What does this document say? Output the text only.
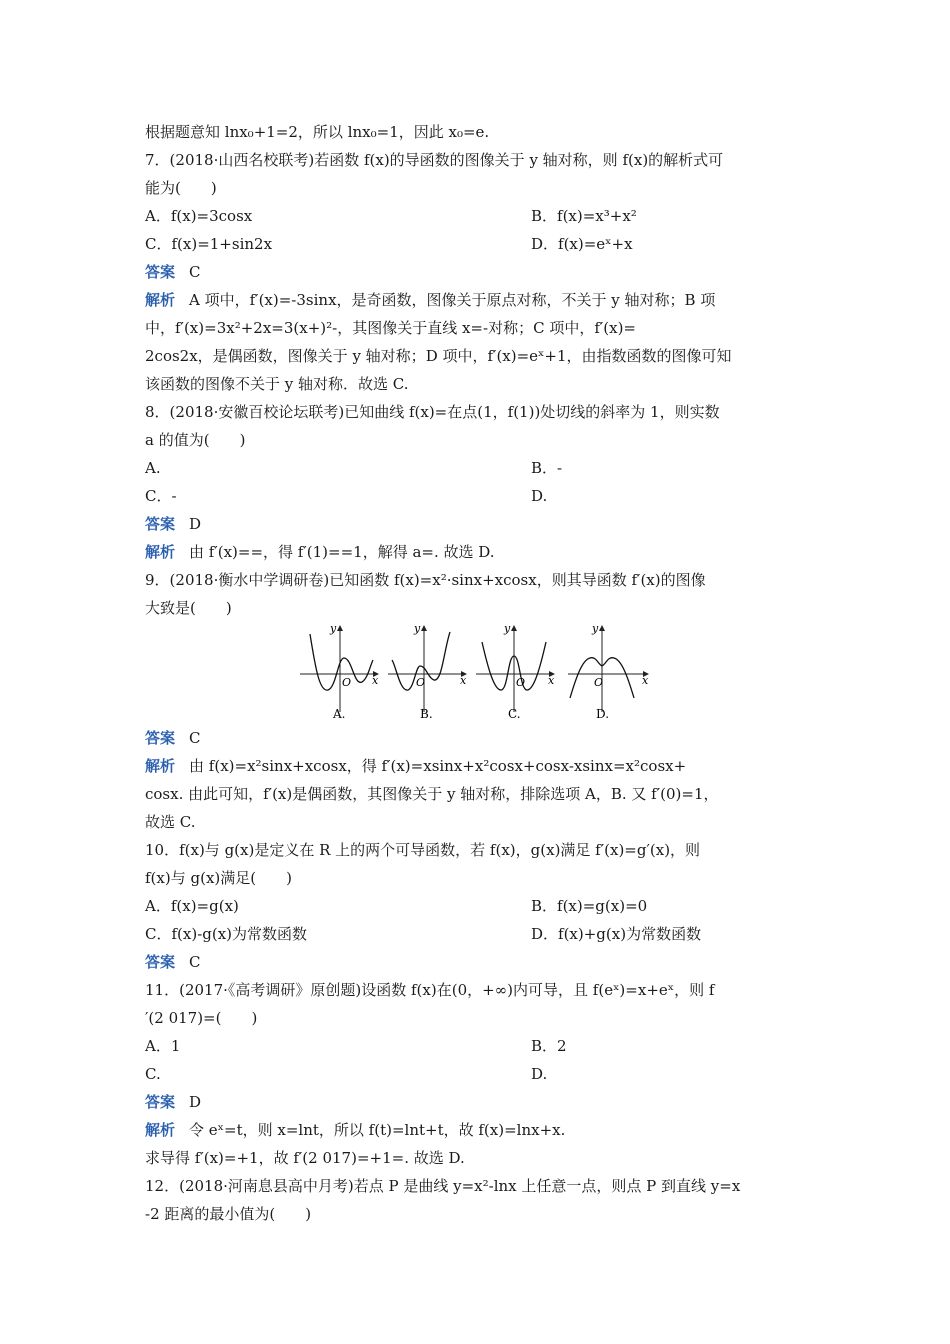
根据题意知 lnx₀+1=2，所以 lnx₀=1，因此 x₀=e.
7．(2018·山西名校联考)若函数 f(x)的导函数的图像关于 y 轴对称，则 f(x)的解析式可
能为(　　)
A．f(x)=3cosx	B．f(x)=x³+x²
C．f(x)=1+sin2x	D．f(x)=eˣ+x
答案 C
解析 A 项中，f′(x)=-3sinx，是奇函数，图像关于原点对称，不关于 y 轴对称；B 项
中，f′(x)=3x²+2x=3(x+)²-，其图像关于直线 x=-对称；C 项中，f′(x)=
2cos2x，是偶函数，图像关于 y 轴对称；D 项中，f′(x)=eˣ+1，由指数函数的图像可知
该函数的图像不关于 y 轴对称．故选 C.
8．(2018·安徽百校论坛联考)已知曲线 f(x)=在点(1，f(1))处切线的斜率为 1，则实数
a 的值为(　　)
A.	B．-
C．-	D.
答案 D
解析 由 f′(x)==，得 f′(1)==1，解得 a=. 故选 D.
9．(2018·衡水中学调研卷)已知函数 f(x)=x²·sinx+xcosx，则其导函数 f′(x)的图像
大致是(　　)
y
x
O
y
x
O
y
x
O
y
x
O
A.	B.	C.	D.
答案 C
解析 由 f(x)=x²sinx+xcosx，得 f′(x)=xsinx+x²cosx+cosx-xsinx=x²cosx+
cosx. 由此可知，f′(x)是偶函数，其图像关于 y 轴对称，排除选项 A，B. 又 f′(0)=1，
故选 C.
10．f(x)与 g(x)是定义在 R 上的两个可导函数，若 f(x)，g(x)满足 f′(x)=g′(x)，则
f(x)与 g(x)满足(　　)
A．f(x)=g(x)	B．f(x)=g(x)=0
C．f(x)-g(x)为常数函数	D．f(x)+g(x)为常数函数
答案 C
11．(2017·《高考调研》原创题)设函数 f(x)在(0，+∞)内可导，且 f(eˣ)=x+eˣ，则 f
′(2 017)=(　　)
A．1	B．2
C.	D.
答案 D
解析 令 eˣ=t，则 x=lnt，所以 f(t)=lnt+t，故 f(x)=lnx+x.
求导得 f′(x)=+1，故 f′(2 017)=+1=. 故选 D.
12．(2018·河南息县高中月考)若点 P 是曲线 y=x²-lnx 上任意一点，则点 P 到直线 y=x
-2 距离的最小值为(　　)
